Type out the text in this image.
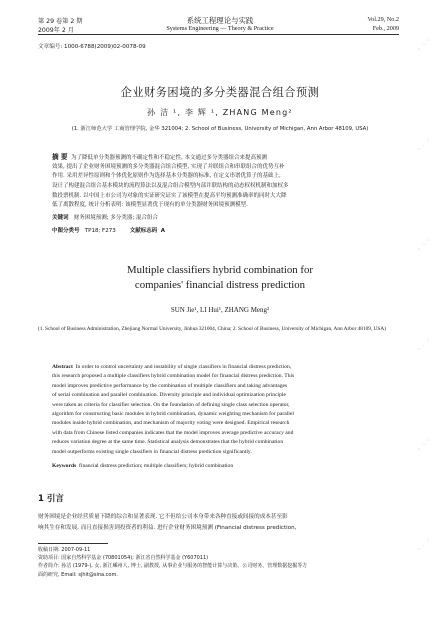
第 29 卷第 2 期
2009年 2 月
系统工程理论与实践
Systems Engineering — Theory & Practice
Vol.29, No.2
Feb., 2009
文章编号: 1000-6788(2009)02-0078-09
企业财务困境的多分类器混合组合预测
孙 洁 ¹, 李 辉 ¹, ZHANG Meng²
(1. 浙江师范大学 工商管理学院, 金华 321004; 2. School of Business, University of Michigan, Ann Arbor 48109, USA)
摘 要 为了降低单分类器预测的不确定性和不稳定性, 本文通过多分类器组合来提高预测
效果, 提出了企业财务困境预测的多分类器混合组合模型, 实现了并联组合和串联组合的优势互补
作用. 采用差异性原则和个体优化原则作为选择基本分类器的标准, 在定义串谱优算子的基础上,
设计了构建混合组合基本模块的流程算法以及混合组合模型内部并联结构的动态权权机制和加权多
数投票机制. 以中国上市公司为对象的实证研究证实了该模型在提高平均预测准确率的同时大大降
低了离散程度, 统计分析表明: 该模型显著优于现有的单分类器财务困境预测模型.
关键词 财务困境预测; 多分类器; 混合组合
中图分类号 TP18; F273	文献标志码 A
Multiple classifiers hybrid combination for
companies' financial distress prediction
SUN Jie¹, LI Hui¹, ZHANG Meng²
(1. School of Business Administration, Zhejiang Normal University, Jinhua 321004, China; 2. School of Business, University of Michigan, Ann Arbor 48109, USA)
Abstract In order to control uncertainty and instability of single classifiers in financial distress prediction,
this research proposed a multiple classifiers hybrid combination model for financial distress prediction. This
model improves predictive performance by the combination of multiple classifiers and taking advantages
of serial combination and parallel combination. Diversity principle and individual optimization principle
were taken as criteria for classifier selection. On the foundation of defining single class selection operator,
algorithm for constructing basic modules in hybrid combination, dynamic weighting mechanism for parallel
modules inside hybrid combination, and mechanism of majority voting were designed. Empirical research
with data from Chinese listed companies indicates that the model improves average predictive accuracy and
reduces variation degree at the same time. Statistical analysis demonstrates that the hybrid combination
model outperforms existing single classifiers in financial distress prediction significantly.
Keywords financial distress prediction; multiple classifiers; hybrid combination
1 引言
财务困境是企业经营质量下降的综合和显著表现. 它不但给公司本身带来各种直接或间接的成本甚至影
响其生存和发展, 而且直接损害到投资者的利益. 进行企业财务困境预测 (Financial distress prediction,
收稿日期: 2007-09-11
资助项目: 国家自然科学基金 (70801054); 浙江省自然科学基金 (Y607011)
作者简介: 孙洁 (1979-), 女, 浙江嵊州人, 博士, 副教授, 从事企业与服务的智能计算与决策、公司财务、管理数据挖掘等方
面的研究, Email: sjhit@sina.com.
◦ ◦ ◦
◦ ◦ ◦
◦ ◦ ◦
◦ ◦ ◦
◦ ◦ ◦
◦ ◦ ◦
